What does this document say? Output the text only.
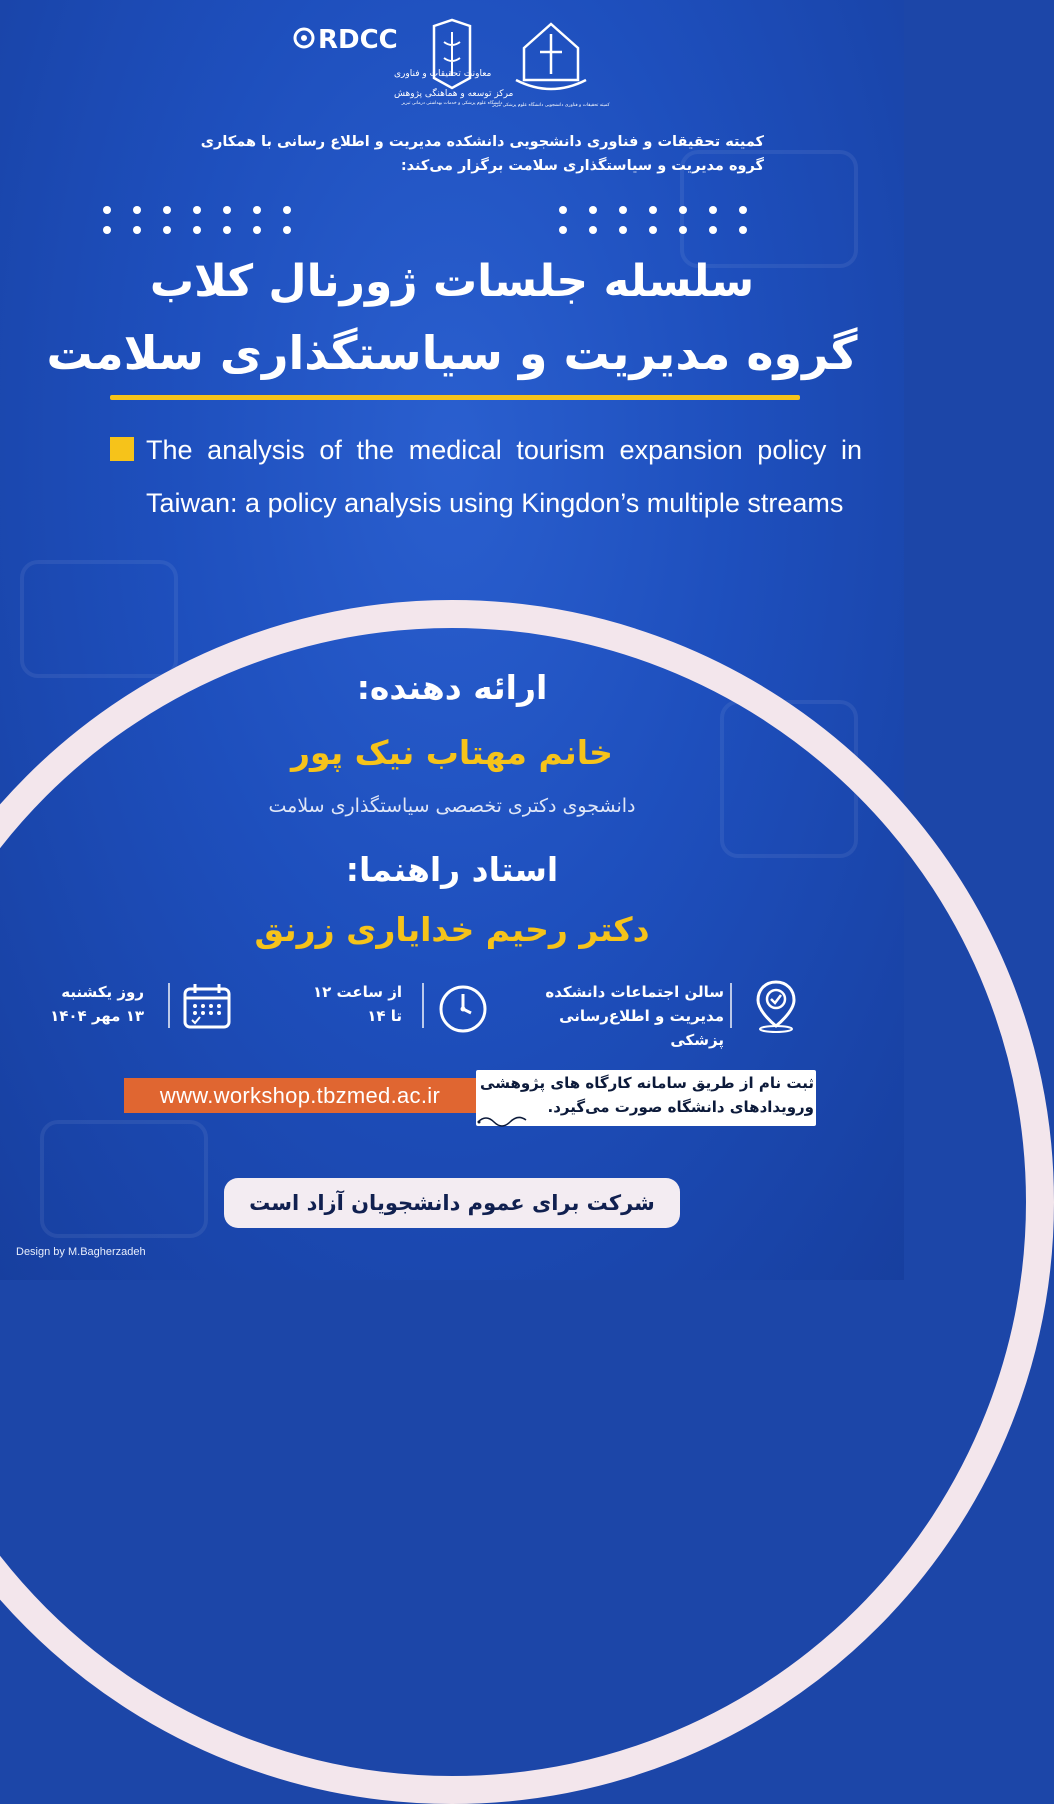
RDCC
معاونت تحقیقات و فناوری
مرکز توسعه و هماهنگی پژوهش
دانشگاه علوم پزشکی و خدمات بهداشتی درمانی تبریز
کمیته تحقیقات و فناوری دانشجویی دانشگاه علوم پزشکی تبریز
کمیته تحقیقات و فناوری دانشجویی دانشکده مدیریت و اطلاع رسانی با همکاری
گروه مدیریت و سیاستگذاری سلامت برگزار می‌کند:

سلسله جلسات ژورنال کلاب
گروه مدیریت و سیاستگذاری سلامت
The analysis of the medical tourism expansion policy in Taiwan: a policy analysis using Kingdon’s multiple streams
ارائه دهنده:
خانم مهتاب نیک پور
دانشجوی دکتری تخصصی سیاستگذاری سلامت
استاد راهنما:
دکتر رحیم خدایاری زرنق
سالن اجتماعات دانشکده
مدیریت و اطلاع‌رسانی پزشکی
از ساعت ۱۲
تا ۱۴
روز یکشنبه
۱۳ مهر ۱۴۰۴
ثبت نام از طریق سامانه کارگاه های پژوهشی
ورویدادهای دانشگاه صورت می‌گیرد.
www.workshop.tbzmed.ac.ir
شرکت برای عموم دانشجویان آزاد است
Design by M.Bagherzadeh
